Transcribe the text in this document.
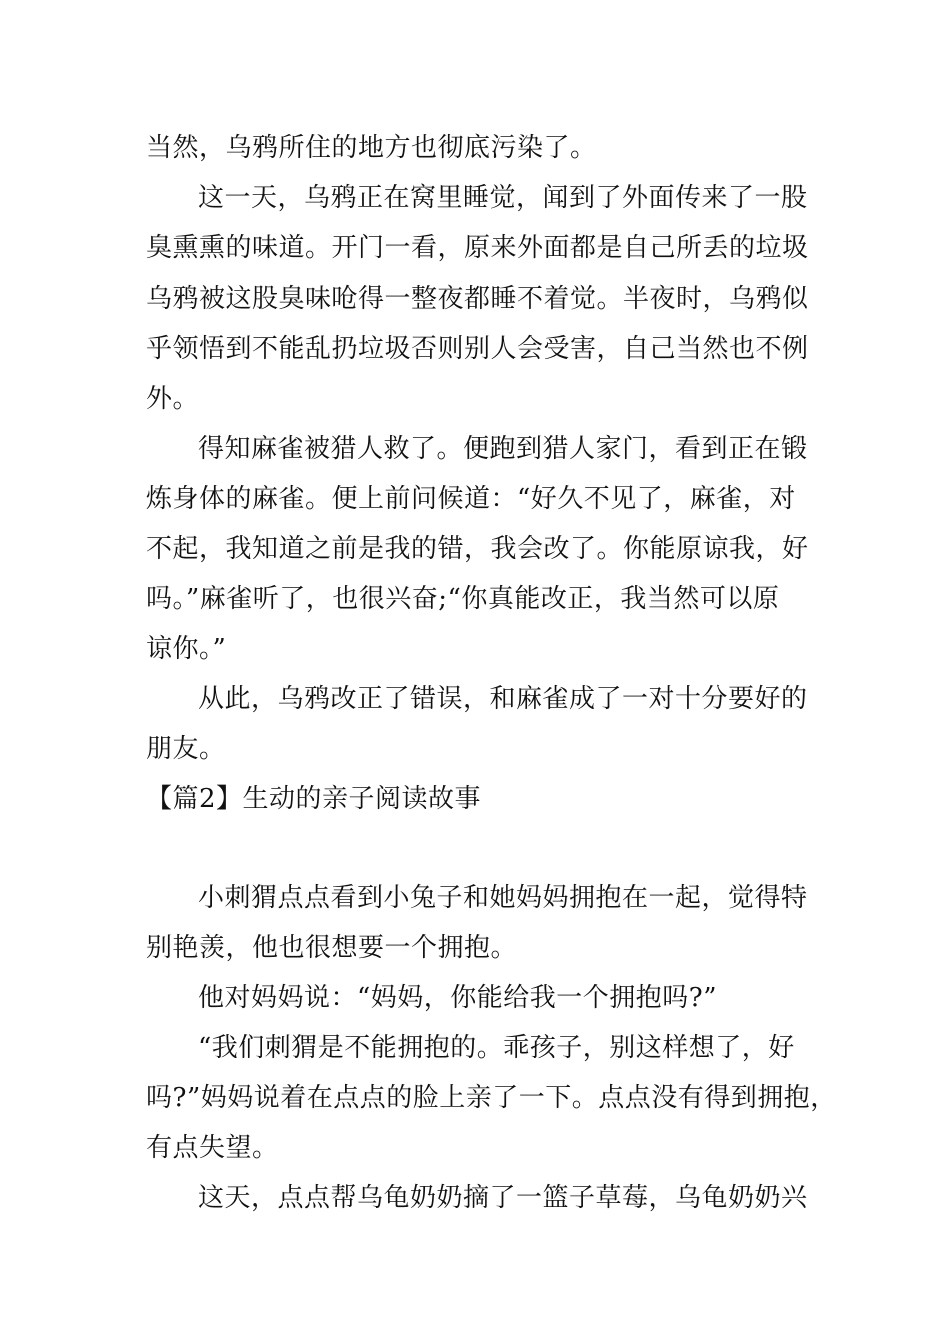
当然，乌鸦所住的地方也彻底污染了。
这一天，乌鸦正在窝里睡觉，闻到了外面传来了一股
臭熏熏的味道。开门一看，原来外面都是自己所丢的垃圾
乌鸦被这股臭味呛得一整夜都睡不着觉。半夜时，乌鸦似
乎领悟到不能乱扔垃圾否则别人会受害，自己当然也不例
外。
得知麻雀被猎人救了。便跑到猎人家门，看到正在锻
炼身体的麻雀。便上前问候道：“好久不见了，麻雀，对
不起，我知道之前是我的错，我会改了。你能原谅我，好
吗。”麻雀听了，也很兴奋;“你真能改正，我当然可以原
谅你。”
从此，乌鸦改正了错误，和麻雀成了一对十分要好的
朋友。
【篇2】生动的亲子阅读故事
小刺猬点点看到小兔子和她妈妈拥抱在一起，觉得特
别艳羡，他也很想要一个拥抱。
他对妈妈说：“妈妈，你能给我一个拥抱吗?”
“我们刺猬是不能拥抱的。乖孩子，别这样想了，好
吗?”妈妈说着在点点的脸上亲了一下。点点没有得到拥抱，
有点失望。
这天，点点帮乌龟奶奶摘了一篮子草莓，乌龟奶奶兴
